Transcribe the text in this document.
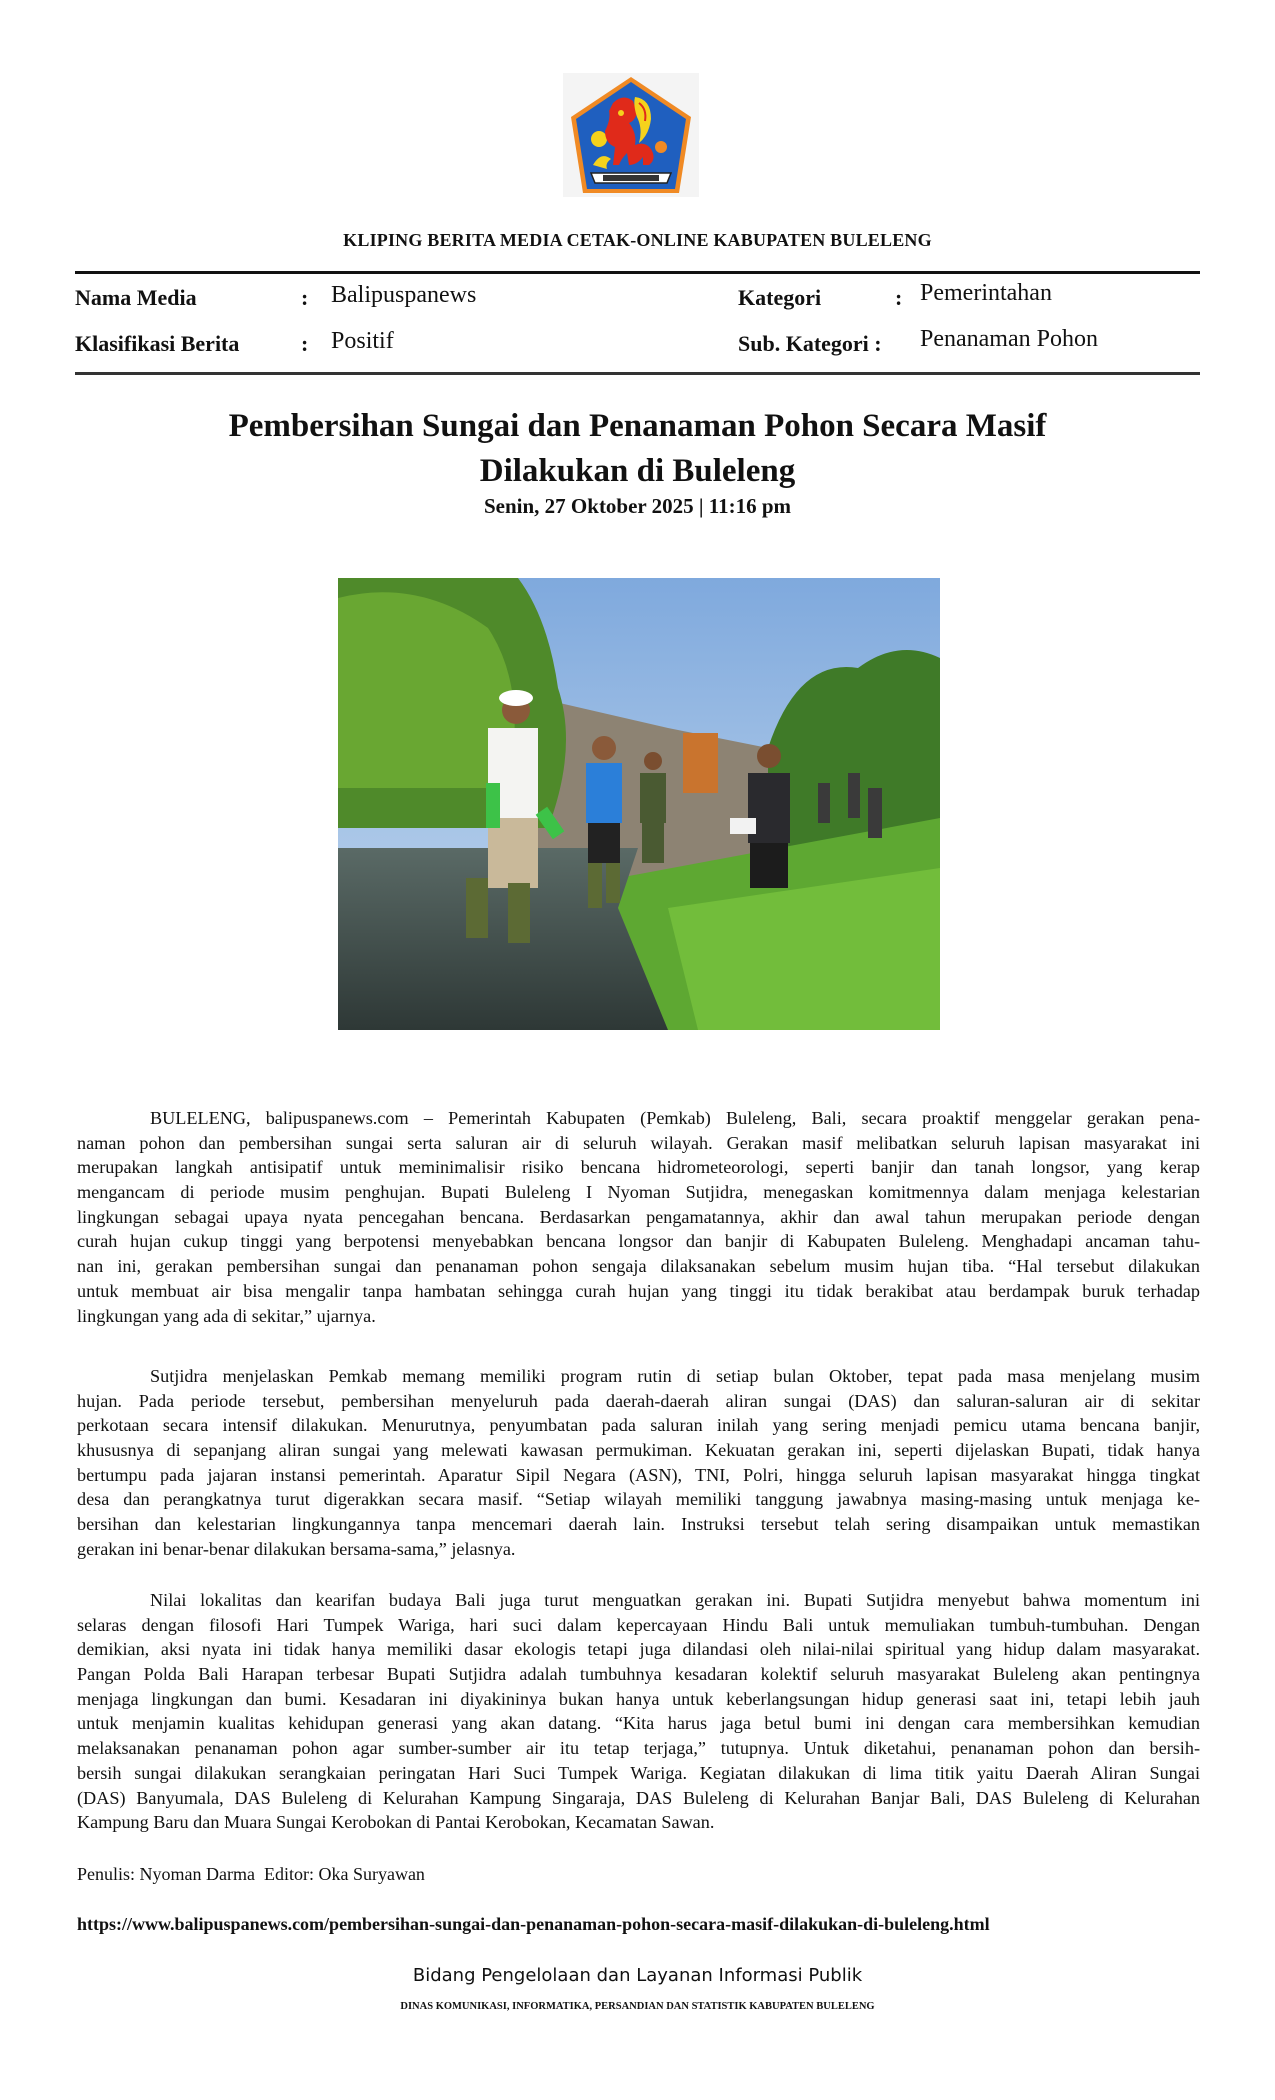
KLIPING BERITA MEDIA CETAK-ONLINE KABUPATEN BULELENG
Nama Media	: Balipuspanews
Klasifikasi Berita	: Positif
Kategori	: Pemerintahan
Sub. Kategori : Penanaman Pohon
Pembersihan Sungai dan Penanaman Pohon Secara Masif
Dilakukan di Buleleng
Senin, 27 Oktober 2025 | 11:16 pm
BULELENG, balipuspanews.com – Pemerintah Kabupaten (Pemkab) Buleleng, Bali, secara proaktif menggelar gerakan pena-
naman pohon dan pembersihan sungai serta saluran air di seluruh wilayah. Gerakan masif melibatkan seluruh lapisan masyarakat ini
merupakan langkah antisipatif untuk meminimalisir risiko bencana hidrometeorologi, seperti banjir dan tanah longsor, yang kerap
mengancam di periode musim penghujan. Bupati Buleleng I Nyoman Sutjidra, menegaskan komitmennya dalam menjaga kelestarian
lingkungan sebagai upaya nyata pencegahan bencana. Berdasarkan pengamatannya, akhir dan awal tahun merupakan periode dengan
curah hujan cukup tinggi yang berpotensi menyebabkan bencana longsor dan banjir di Kabupaten Buleleng. Menghadapi ancaman tahu-
nan ini, gerakan pembersihan sungai dan penanaman pohon sengaja dilaksanakan sebelum musim hujan tiba. “Hal tersebut dilakukan
untuk membuat air bisa mengalir tanpa hambatan sehingga curah hujan yang tinggi itu tidak berakibat atau berdampak buruk terhadap
lingkungan yang ada di sekitar,” ujarnya.
Sutjidra menjelaskan Pemkab memang memiliki program rutin di setiap bulan Oktober, tepat pada masa menjelang musim
hujan. Pada periode tersebut, pembersihan menyeluruh pada daerah-daerah aliran sungai (DAS) dan saluran-saluran air di sekitar
perkotaan secara intensif dilakukan. Menurutnya, penyumbatan pada saluran inilah yang sering menjadi pemicu utama bencana banjir,
khususnya di sepanjang aliran sungai yang melewati kawasan permukiman. Kekuatan gerakan ini, seperti dijelaskan Bupati, tidak hanya
bertumpu pada jajaran instansi pemerintah. Aparatur Sipil Negara (ASN), TNI, Polri, hingga seluruh lapisan masyarakat hingga tingkat
desa dan perangkatnya turut digerakkan secara masif. “Setiap wilayah memiliki tanggung jawabnya masing-masing untuk menjaga ke-
bersihan dan kelestarian lingkungannya tanpa mencemari daerah lain. Instruksi tersebut telah sering disampaikan untuk memastikan
gerakan ini benar-benar dilakukan bersama-sama,” jelasnya.
Nilai lokalitas dan kearifan budaya Bali juga turut menguatkan gerakan ini. Bupati Sutjidra menyebut bahwa momentum ini
selaras dengan filosofi Hari Tumpek Wariga, hari suci dalam kepercayaan Hindu Bali untuk memuliakan tumbuh-tumbuhan. Dengan
demikian, aksi nyata ini tidak hanya memiliki dasar ekologis tetapi juga dilandasi oleh nilai-nilai spiritual yang hidup dalam masyarakat.
Pangan Polda Bali Harapan terbesar Bupati Sutjidra adalah tumbuhnya kesadaran kolektif seluruh masyarakat Buleleng akan pentingnya
menjaga lingkungan dan bumi. Kesadaran ini diyakininya bukan hanya untuk keberlangsungan hidup generasi saat ini, tetapi lebih jauh
untuk menjamin kualitas kehidupan generasi yang akan datang. “Kita harus jaga betul bumi ini dengan cara membersihkan kemudian
melaksanakan penanaman pohon agar sumber-sumber air itu tetap terjaga,” tutupnya. Untuk diketahui, penanaman pohon dan bersih-
bersih sungai dilakukan serangkaian peringatan Hari Suci Tumpek Wariga. Kegiatan dilakukan di lima titik yaitu Daerah Aliran Sungai
(DAS) Banyumala, DAS Buleleng di Kelurahan Kampung Singaraja, DAS Buleleng di Kelurahan Banjar Bali, DAS Buleleng di Kelurahan
Kampung Baru dan Muara Sungai Kerobokan di Pantai Kerobokan, Kecamatan Sawan.
Penulis: Nyoman Darma  Editor: Oka Suryawan
https://www.balipuspanews.com/pembersihan-sungai-dan-penanaman-pohon-secara-masif-dilakukan-di-buleleng.html
Bidang Pengelolaan dan Layanan Informasi Publik
DINAS KOMUNIKASI, INFORMATIKA, PERSANDIAN DAN STATISTIK KABUPATEN BULELENG
